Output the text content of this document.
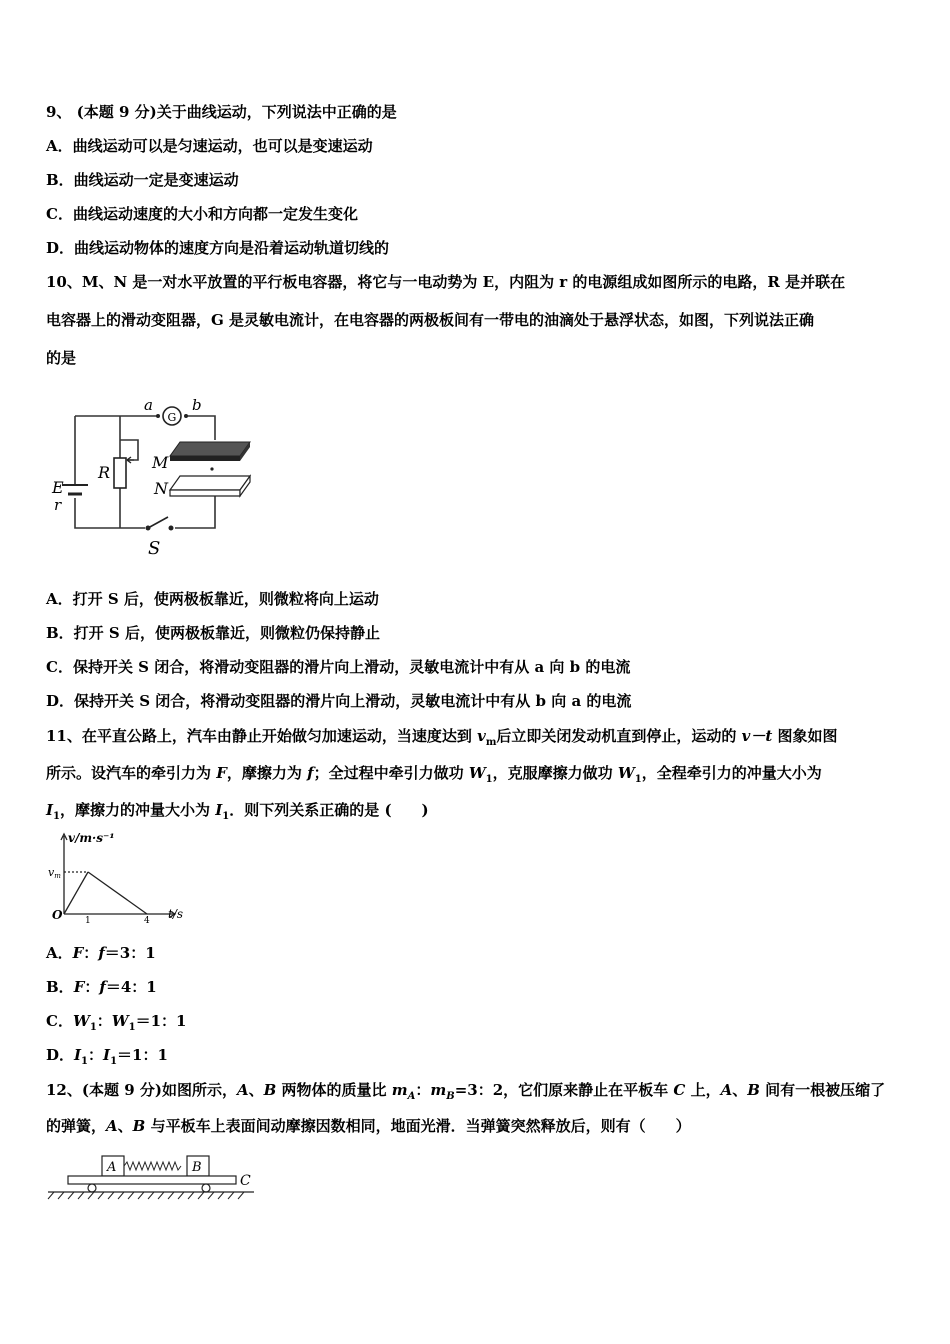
9、 (本题 9 分)关于曲线运动，下列说法中正确的是
A．曲线运动可以是匀速运动，也可以是变速运动
B．曲线运动一定是变速运动
C．曲线运动速度的大小和方向都一定发生变化
D．曲线运动物体的速度方向是沿着运动轨道切线的
10、M、N 是一对水平放置的平行板电容器，将它与一电动势为 E，内阻为 r 的电源组成如图所示的电路，R 是并联在
电容器上的滑动变阻器，G 是灵敏电流计，在电容器的两极板间有一带电的油滴处于悬浮状态，如图，下列说法正确
的是
a
G
b
R
M
N
E
r
S
A．打开 S 后，使两极板靠近，则微粒将向上运动
B．打开 S 后，使两极板靠近，则微粒仍保持静止
C．保持开关 S 闭合，将滑动变阻器的滑片向上滑动，灵敏电流计中有从 a 向 b 的电流
D．保持开关 S 闭合，将滑动变阻器的滑片向上滑动，灵敏电流计中有从 b 向 a 的电流
11、在平直公路上，汽车由静止开始做匀加速运动，当速度达到 $v_m$后立即关闭发动机直到停止，运动的 v－t 图象如图
所示。设汽车的牵引力为 F，摩擦力为 f；全过程中牵引力做功 $W_1$，克服摩擦力做功 $W_1$，全程牵引力的冲量大小为
$I_1$，摩擦力的冲量大小为 $I_1$．则下列关系正确的是 (　　)
v/m·s⁻¹
vm
O	1	4 t/s
A．F：f＝3：1
B．F：f＝4：1
C．$W_1$：$W_1=1$：1
D．$I_1$：$I_1=1$：1
12、(本题 9 分)如图所示，A、B 两物体的质量比 $m_A$：$m_B=3$：2，它们原来静止在平板车 C 上，A、B 间有一根被压缩了
的弹簧，A、B 与平板车上表面间动摩擦因数相同，地面光滑．当弹簧突然释放后，则有（　　）
A	B
C
